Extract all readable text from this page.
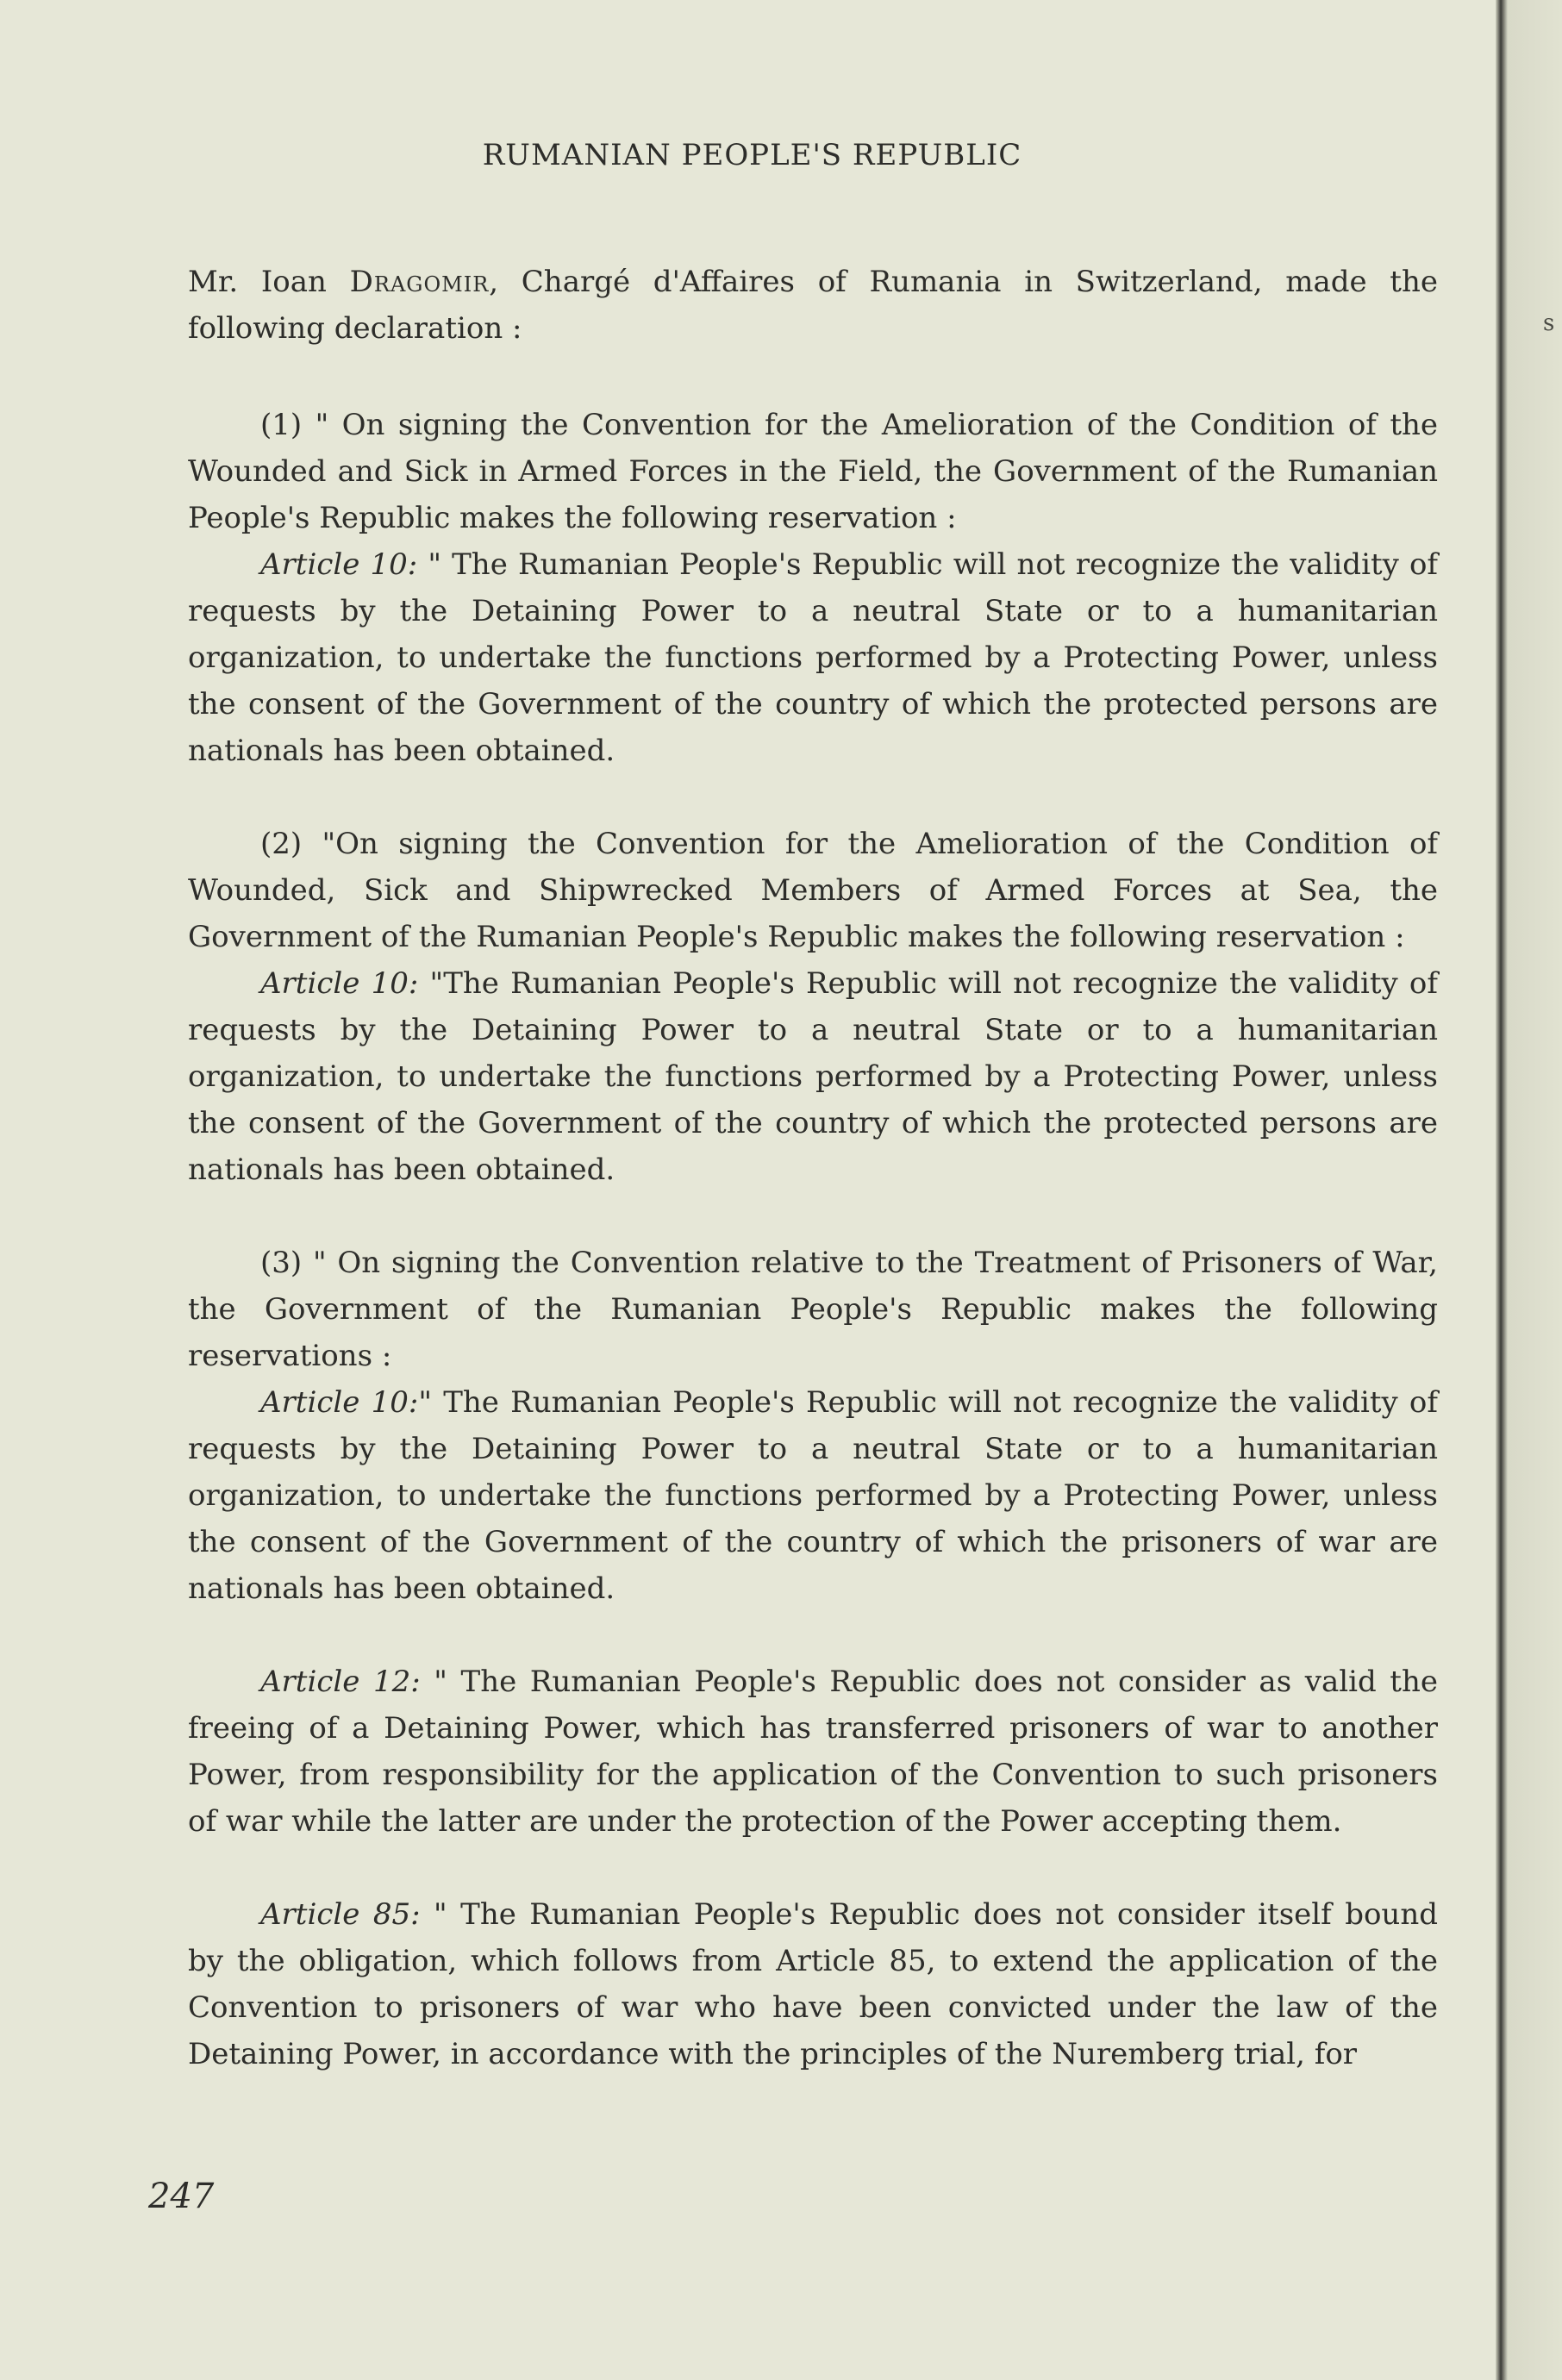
RUMANIAN PEOPLE'S REPUBLIC

Mr. Ioan Dragomir, Chargé d'Affaires of Rumania in Switzerland, made the following declaration :

(1) " On signing the Convention for the Amelioration of the Condition of the Wounded and Sick in Armed Forces in the Field, the Government of the Rumanian People's Republic makes the following reservation :

Article 10: " The Rumanian People's Republic will not recognize the validity of requests by the Detaining Power to a neutral State or to a humanitarian organization, to undertake the functions performed by a Protecting Power, unless the consent of the Government of the country of which the protected persons are nationals has been obtained.

(2) "On signing the Convention for the Amelioration of the Condition of Wounded, Sick and Shipwrecked Members of Armed Forces at Sea, the Government of the Rumanian People's Republic makes the following reservation :

Article 10: "The Rumanian People's Republic will not recognize the validity of requests by the Detaining Power to a neutral State or to a humanitarian organization, to undertake the functions performed by a Protecting Power, unless the consent of the Government of the country of which the protected persons are nationals has been obtained.

(3) " On signing the Convention relative to the Treatment of Prisoners of War, the Government of the Rumanian People's Republic makes the following reservations :

Article 10:" The Rumanian People's Republic will not recognize the validity of requests by the Detaining Power to a neutral State or to a humanitarian organization, to undertake the functions performed by a Protecting Power, unless the consent of the Government of the country of which the prisoners of war are nationals has been obtained.

Article 12: " The Rumanian People's Republic does not consider as valid the freeing of a Detaining Power, which has transferred prisoners of war to another Power, from responsibility for the application of the Convention to such prisoners of war while the latter are under the protection of the Power accepting them.

Article 85: " The Rumanian People's Republic does not consider itself bound by the obligation, which follows from Article 85, to extend the application of the Convention to prisoners of war who have been convicted under the law of the Detaining Power, in accordance with the principles of the Nuremberg trial, for

247
s
